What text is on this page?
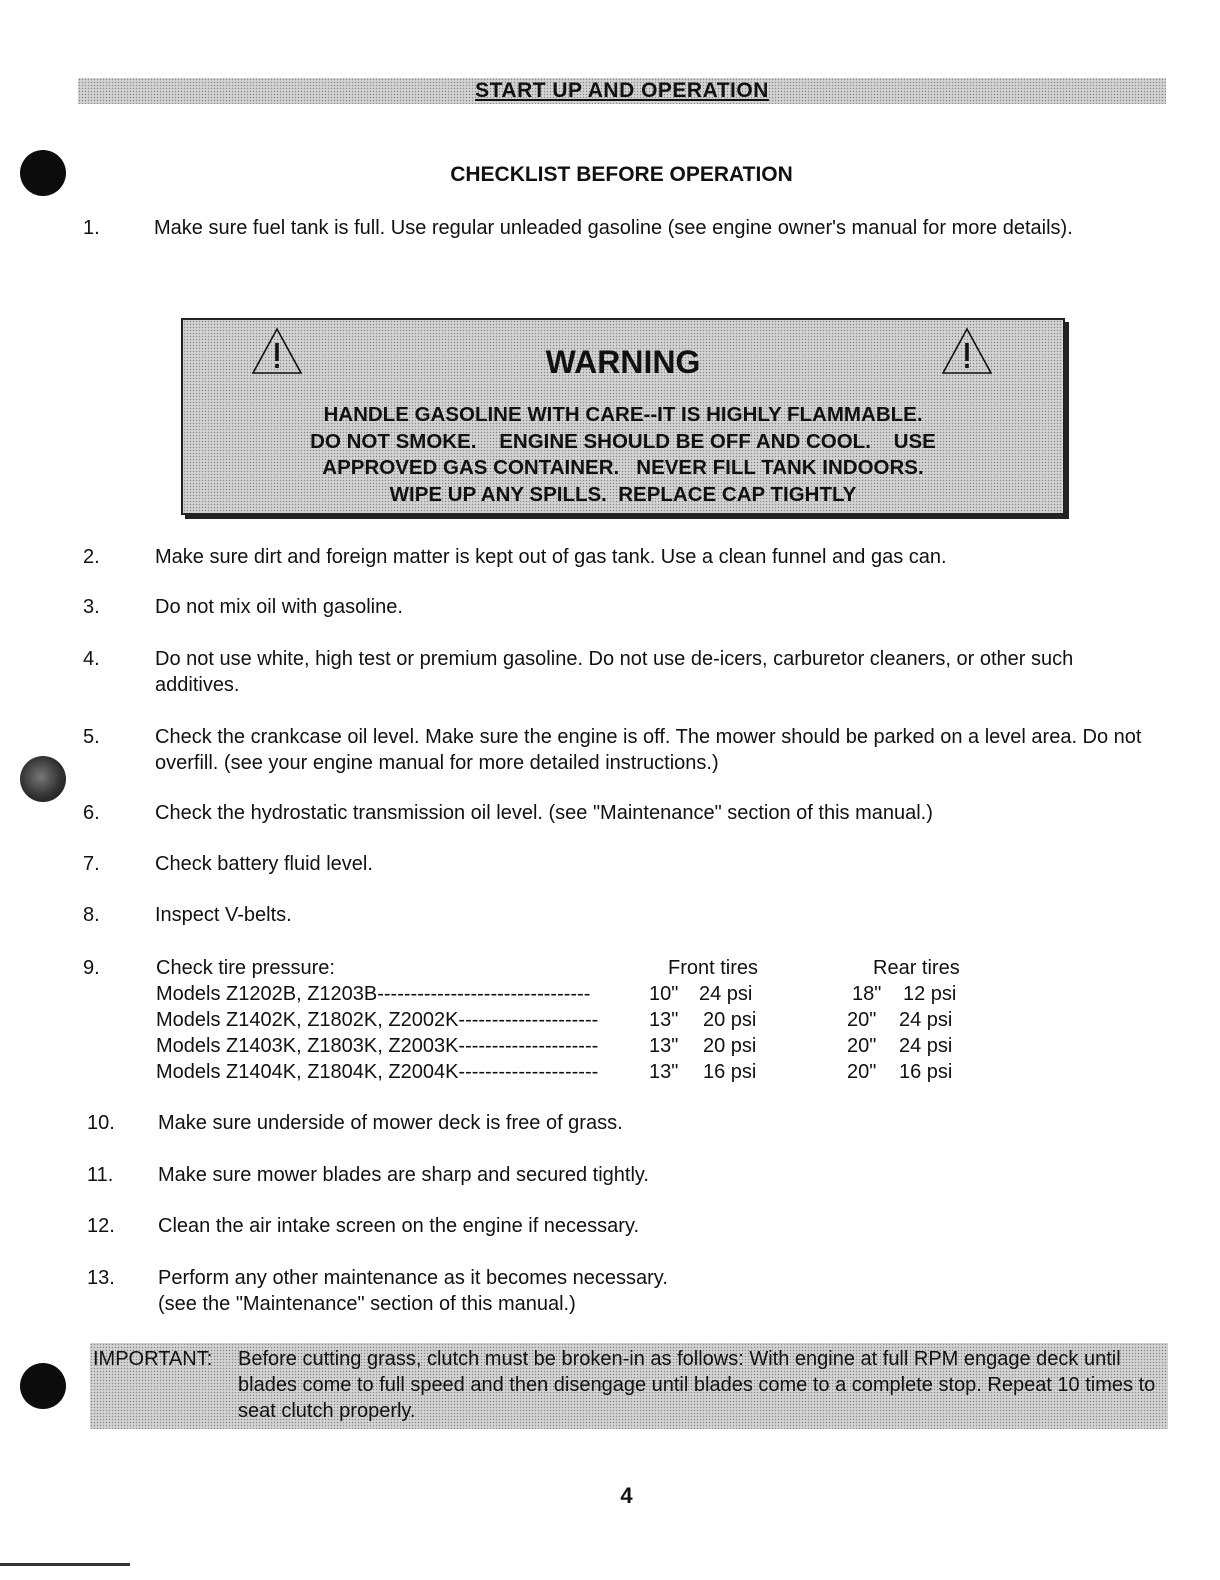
START UP AND OPERATION
CHECKLIST BEFORE OPERATION
1.	Make sure fuel tank is full. Use regular unleaded gasoline (see engine owner's manual for more details).
WARNING
HANDLE GASOLINE WITH CARE--IT IS HIGHLY FLAMMABLE.
DO NOT SMOKE.    ENGINE SHOULD BE OFF AND COOL.    USE
APPROVED GAS CONTAINER.   NEVER FILL TANK INDOORS.
WIPE UP ANY SPILLS.  REPLACE CAP TIGHTLY
2.	Make sure dirt and foreign matter is kept out of gas tank. Use a clean funnel and gas can.
3.	Do not mix oil with gasoline.
4.	Do not use white, high test or premium gasoline. Do not use de-icers, carburetor cleaners, or other such additives.
5.	Check the crankcase oil level. Make sure the engine is off. The mower should be parked on a level area. Do not overfill. (see your engine manual for more detailed instructions.)
6.	Check the hydrostatic transmission oil level. (see "Maintenance" section of this manual.)
7.	Check battery fluid level.
8.	Inspect V-belts.
9.	Check tire pressure:	Front tires	Rear tires
Models Z1202B, Z1203B--------------------------------	10" 24 psi	18" 12 psi
Models Z1402K, Z1802K, Z2002K---------------------	13" 20 psi	20" 24 psi
Models Z1403K, Z1803K, Z2003K---------------------	13" 20 psi	20" 24 psi
Models Z1404K, Z1804K, Z2004K---------------------	13" 16 psi	20" 16 psi
10. Make sure underside of mower deck is free of grass.
11. Make sure mower blades are sharp and secured tightly.
12. Clean the air intake screen on the engine if necessary.
13. Perform any other maintenance as it becomes necessary.
(see the "Maintenance" section of this manual.)
IMPORTANT: Before cutting grass, clutch must be broken-in as follows: With engine at full RPM engage deck until blades come to full speed and then disengage until blades come to a complete stop. Repeat 10 times to seat clutch properly.
4
